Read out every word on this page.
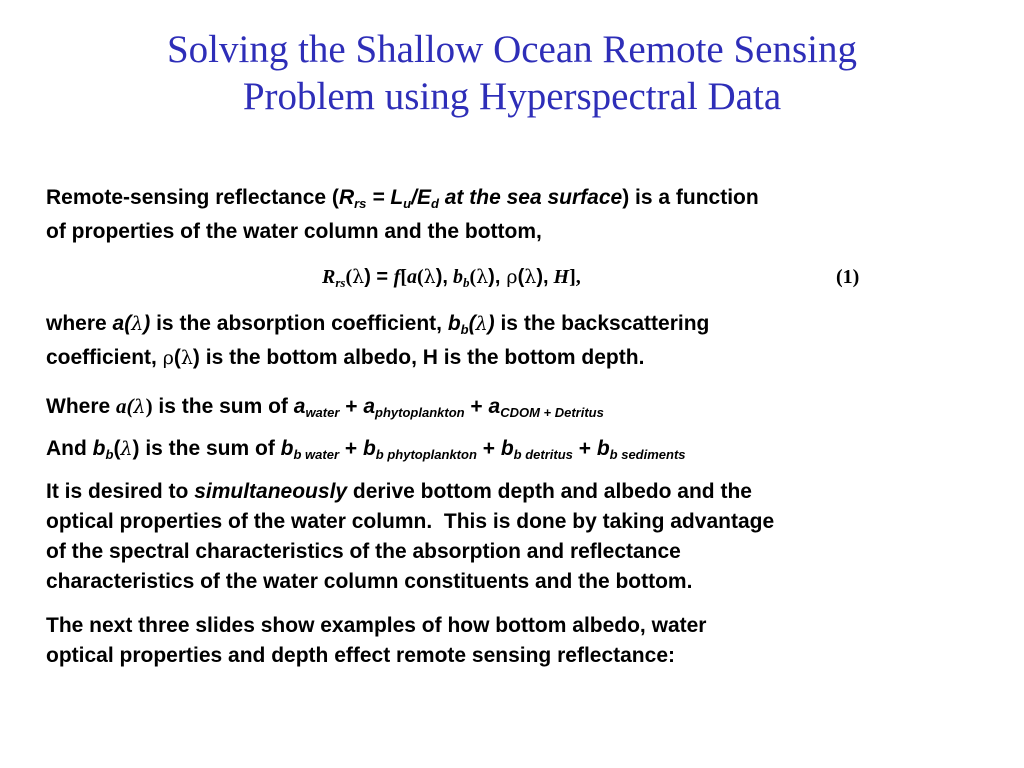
Solving the Shallow Ocean Remote Sensing
Problem using Hyperspectral Data
Remote-sensing reflectance ($R_{rs} = L_u/E_d$ at the sea surface) is a function
of properties of the water column and the bottom,
$R_{rs}(\lambda) = f[a(\lambda)$, $b_b(\lambda)$, ρ(λ), H],	(1)
where a(λ) is the absorption coefficient, $b_b(\lambda)$ is the backscattering
coefficient, ρ(λ) is the bottom albedo, H is the bottom depth.
Where a(λ) is the sum of $a_{water} + a_{phytoplankton} + a_{CDOM + Detritus}$
And $b_b(\lambda)$ is the sum of $b_{b water} + b_{b phytoplankton} + b_{b detritus} + b_{b sediments}$
It is desired to simultaneously derive bottom depth and albedo and the
optical properties of the water column.  This is done by taking advantage
of the spectral characteristics of the absorption and reflectance
characteristics of the water column constituents and the bottom.
The next three slides show examples of how bottom albedo, water
optical properties and depth effect remote sensing reflectance:
